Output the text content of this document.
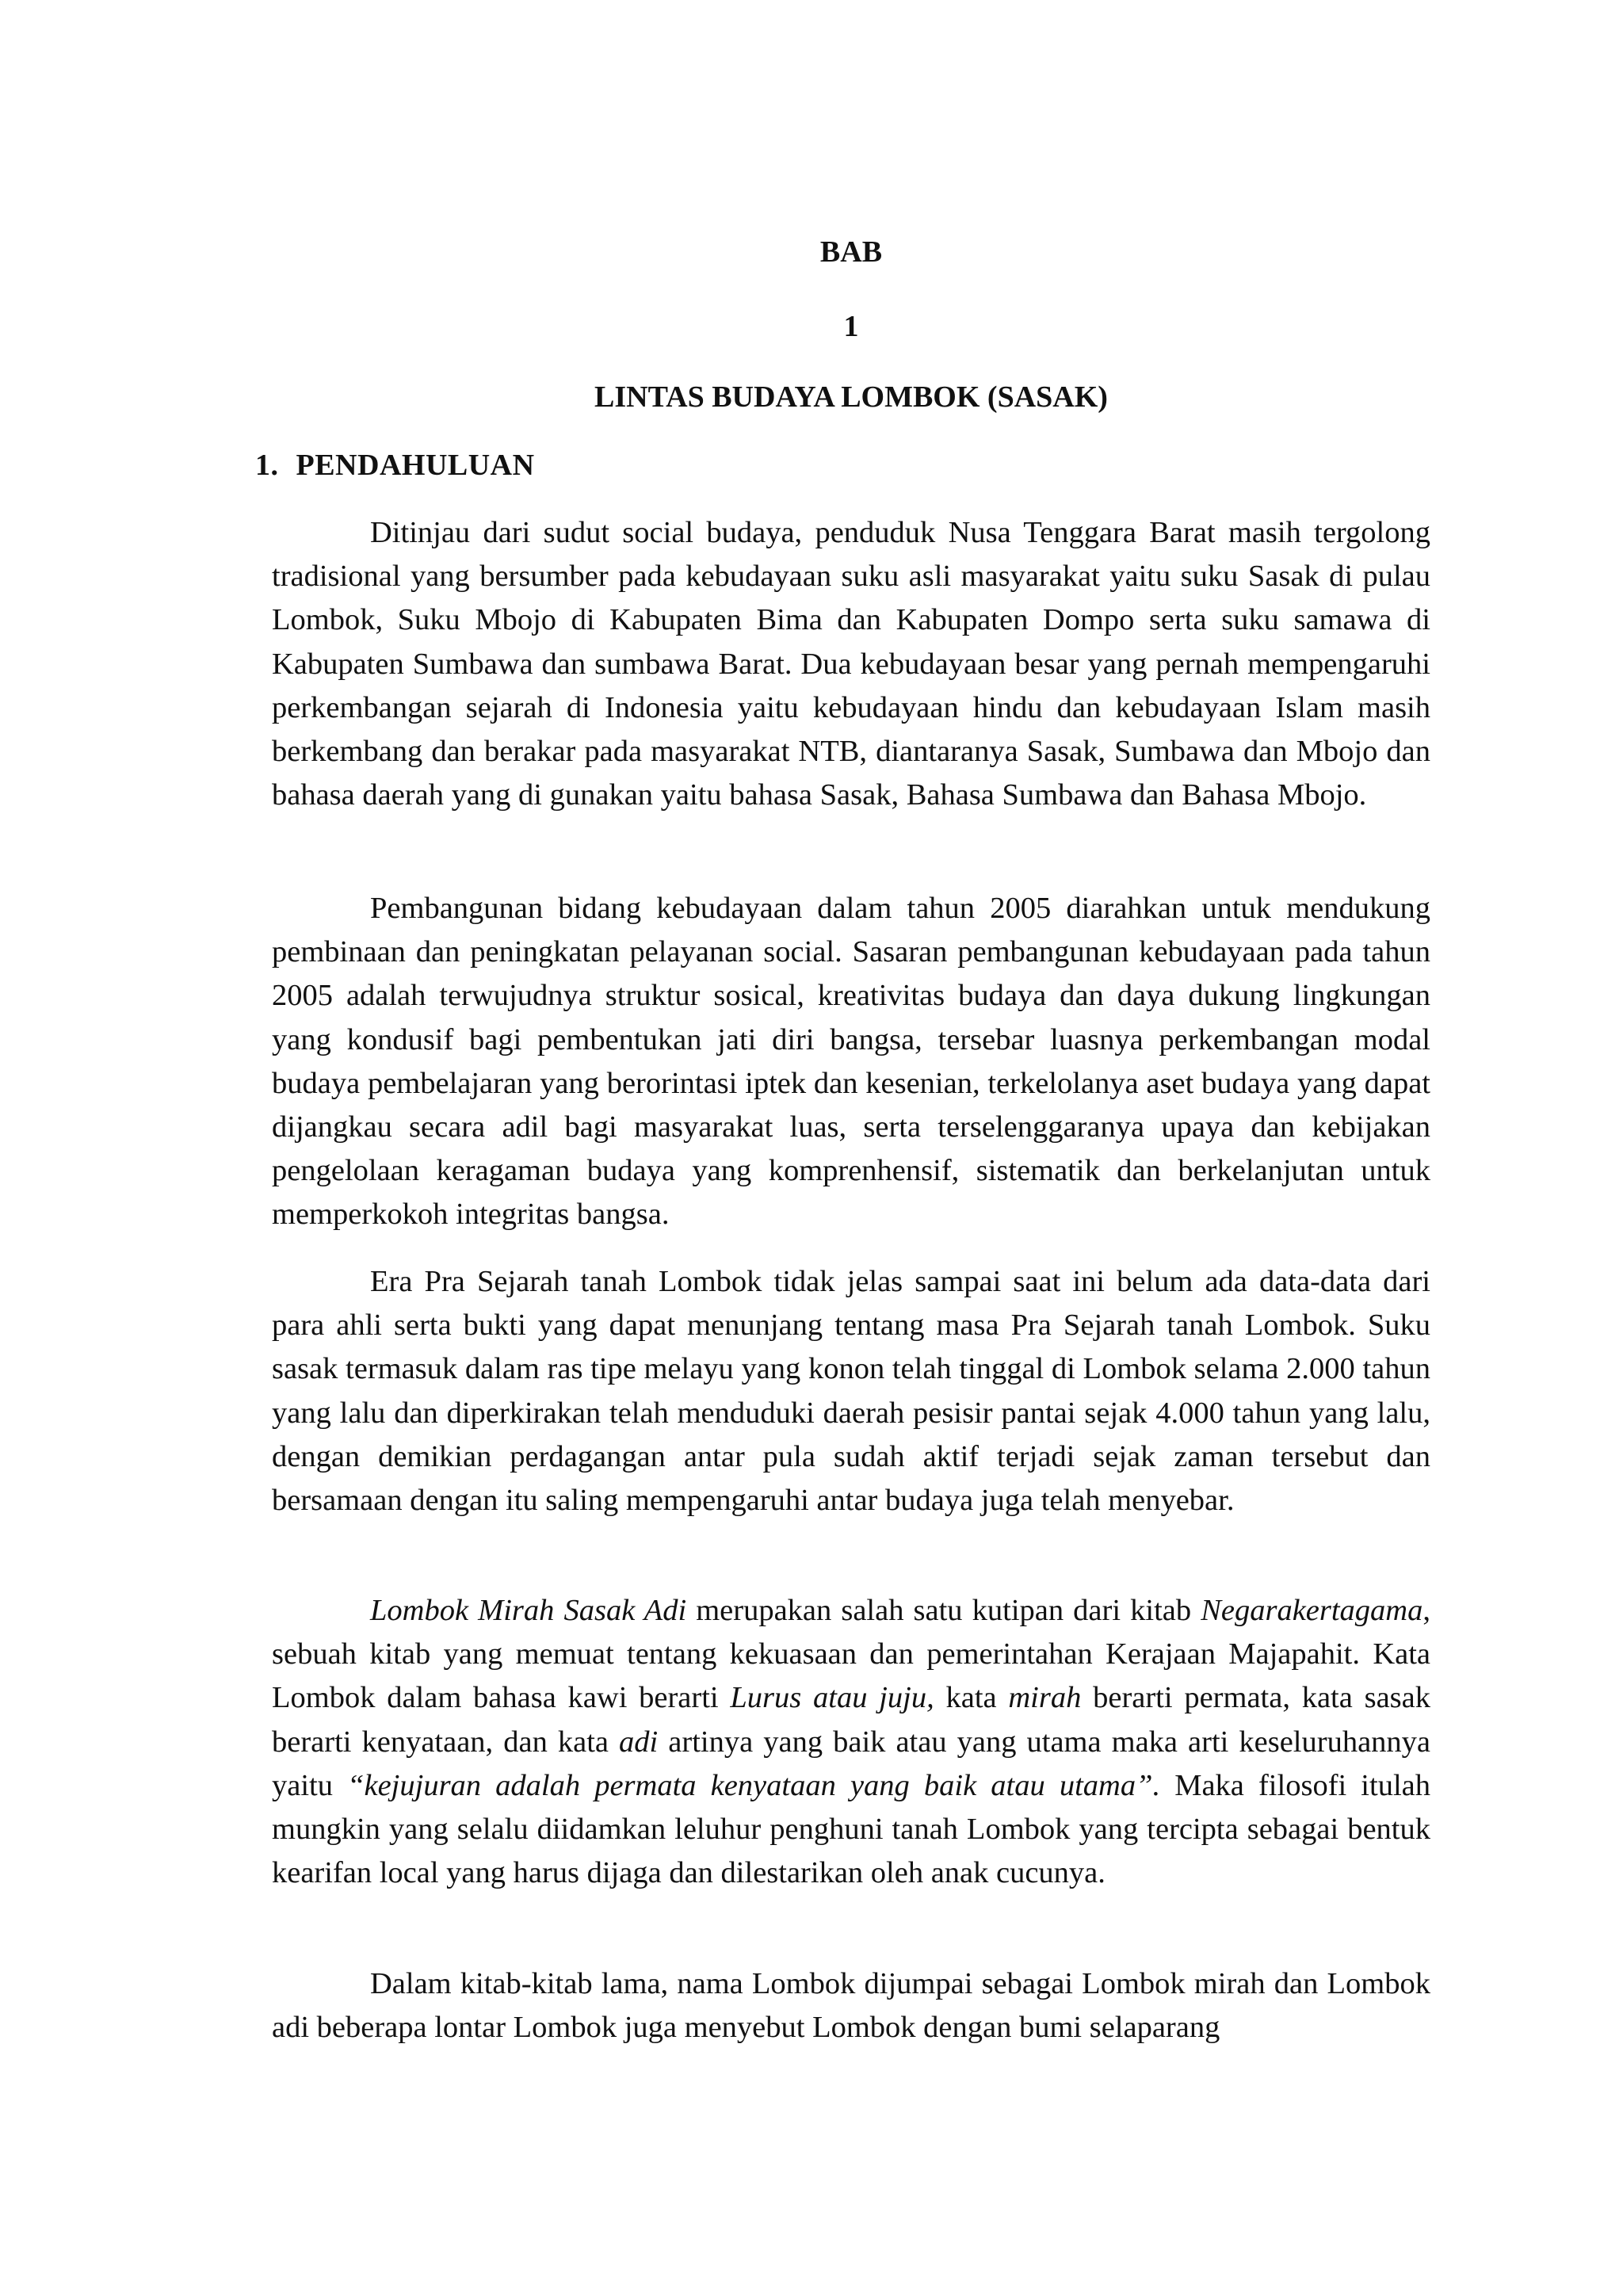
BAB
1
LINTAS BUDAYA LOMBOK (SASAK)
1. PENDAHULUAN

Ditinjau dari sudut social budaya, penduduk Nusa Tenggara Barat masih tergolong tradisional yang bersumber pada kebudayaan suku asli masyarakat yaitu suku Sasak di pulau Lombok, Suku Mbojo di Kabupaten Bima dan Kabupaten Dompo serta suku samawa di Kabupaten Sumbawa dan sumbawa Barat. Dua kebudayaan besar yang pernah mempengaruhi perkembangan sejarah di Indonesia yaitu kebudayaan hindu dan kebudayaan Islam masih berkembang dan berakar pada masyarakat NTB, diantaranya Sasak, Sumbawa dan Mbojo dan bahasa daerah yang di gunakan yaitu bahasa Sasak, Bahasa Sumbawa dan Bahasa Mbojo.

Pembangunan bidang kebudayaan dalam tahun 2005 diarahkan untuk mendukung pembinaan dan peningkatan pelayanan social. Sasaran pembangunan kebudayaan pada tahun 2005 adalah terwujudnya struktur sosical, kreativitas budaya dan daya dukung lingkungan yang kondusif bagi pembentukan jati diri bangsa, tersebar luasnya perkembangan modal budaya pembelajaran yang berorintasi iptek dan kesenian, terkelolanya aset budaya yang dapat dijangkau secara adil bagi masyarakat luas, serta terselenggaranya upaya dan kebijakan pengelolaan keragaman budaya yang komprenhensif, sistematik dan berkelanjutan untuk memperkokoh integritas bangsa.

Era Pra Sejarah tanah Lombok tidak jelas sampai saat ini belum ada data-data dari para ahli serta bukti yang dapat menunjang tentang masa Pra Sejarah tanah Lombok. Suku sasak termasuk dalam ras tipe melayu yang konon telah tinggal di Lombok selama 2.000 tahun yang lalu dan diperkirakan telah menduduki daerah pesisir pantai sejak 4.000 tahun yang lalu, dengan demikian perdagangan antar pula sudah aktif terjadi sejak zaman tersebut dan bersamaan dengan itu saling mempengaruhi antar budaya juga telah menyebar.

Lombok Mirah Sasak Adi merupakan salah satu kutipan dari kitab Negarakertagama, sebuah kitab yang memuat tentang kekuasaan dan pemerintahan Kerajaan Majapahit. Kata Lombok dalam bahasa kawi berarti Lurus atau juju, kata mirah berarti permata, kata sasak berarti kenyataan, dan kata adi artinya yang baik atau yang utama maka arti keseluruhannya yaitu “kejujuran adalah permata kenyataan yang baik atau utama”. Maka filosofi itulah mungkin yang selalu diidamkan leluhur penghuni tanah Lombok yang tercipta sebagai bentuk kearifan local yang harus dijaga dan dilestarikan oleh anak cucunya.

Dalam kitab-kitab lama, nama Lombok dijumpai sebagai Lombok mirah dan Lombok adi beberapa lontar Lombok juga menyebut Lombok dengan bumi selaparang
